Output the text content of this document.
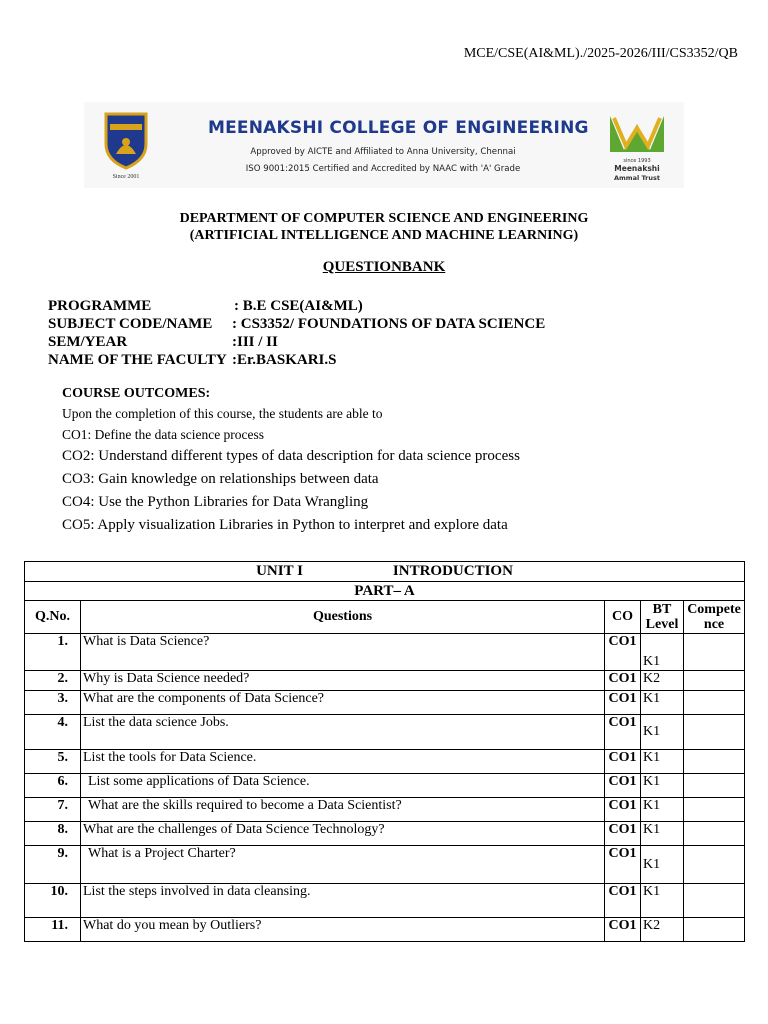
MCE/CSE(AI&ML)./2025-2026/III/CS3352/QB
Since 2001
MEENAKSHI COLLEGE OF ENGINEERING
Approved by AICTE and Affiliated to Anna University, Chennai
ISO 9001:2015 Certified and Accredited by NAAC with 'A' Grade
since 1993
Meenakshi
Ammal Trust
DEPARTMENT OF COMPUTER SCIENCE AND ENGINEERING
(ARTIFICIAL INTELLIGENCE AND MACHINE LEARNING)
QUESTIONBANK
PROGRAMME	: B.E CSE(AI&ML)
SUBJECT CODE/NAME : CS3352/ FOUNDATIONS OF DATA SCIENCE
SEM/YEAR	:III / II
NAME OF THE FACULTY :Er.BASKARI.S
COURSE OUTCOMES:
Upon the completion of this course, the students are able to
CO1: Define the data science process
CO2: Understand different types of data description for data science process
CO3: Gain knowledge on relationships between data
CO4: Use the Python Libraries for Data Wrangling
CO5: Apply visualization Libraries in Python to interpret and explore data
UNIT I INTRODUCTION				
PART– A				
Q.No.	Questions	CO	BT Level	Compete nce
1.	What is Data Science?	CO1	K1	
2.	Why is Data Science needed?	CO1	K2	
3.	What are the components of Data Science?	CO1	K1	
4.	List the data science Jobs.	CO1	K1	
5.	List the tools for Data Science.	CO1	K1	
6.	List some applications of Data Science.	CO1	K1	
7.	What are the skills required to become a Data Scientist?	CO1	K1	
8.	What are the challenges of Data Science Technology?	CO1	K1	
9.	What is a Project Charter?	CO1	K1	
10.	List the steps involved in data cleansing.	CO1	K1	
11.	What do you mean by Outliers?	CO1	K2	
